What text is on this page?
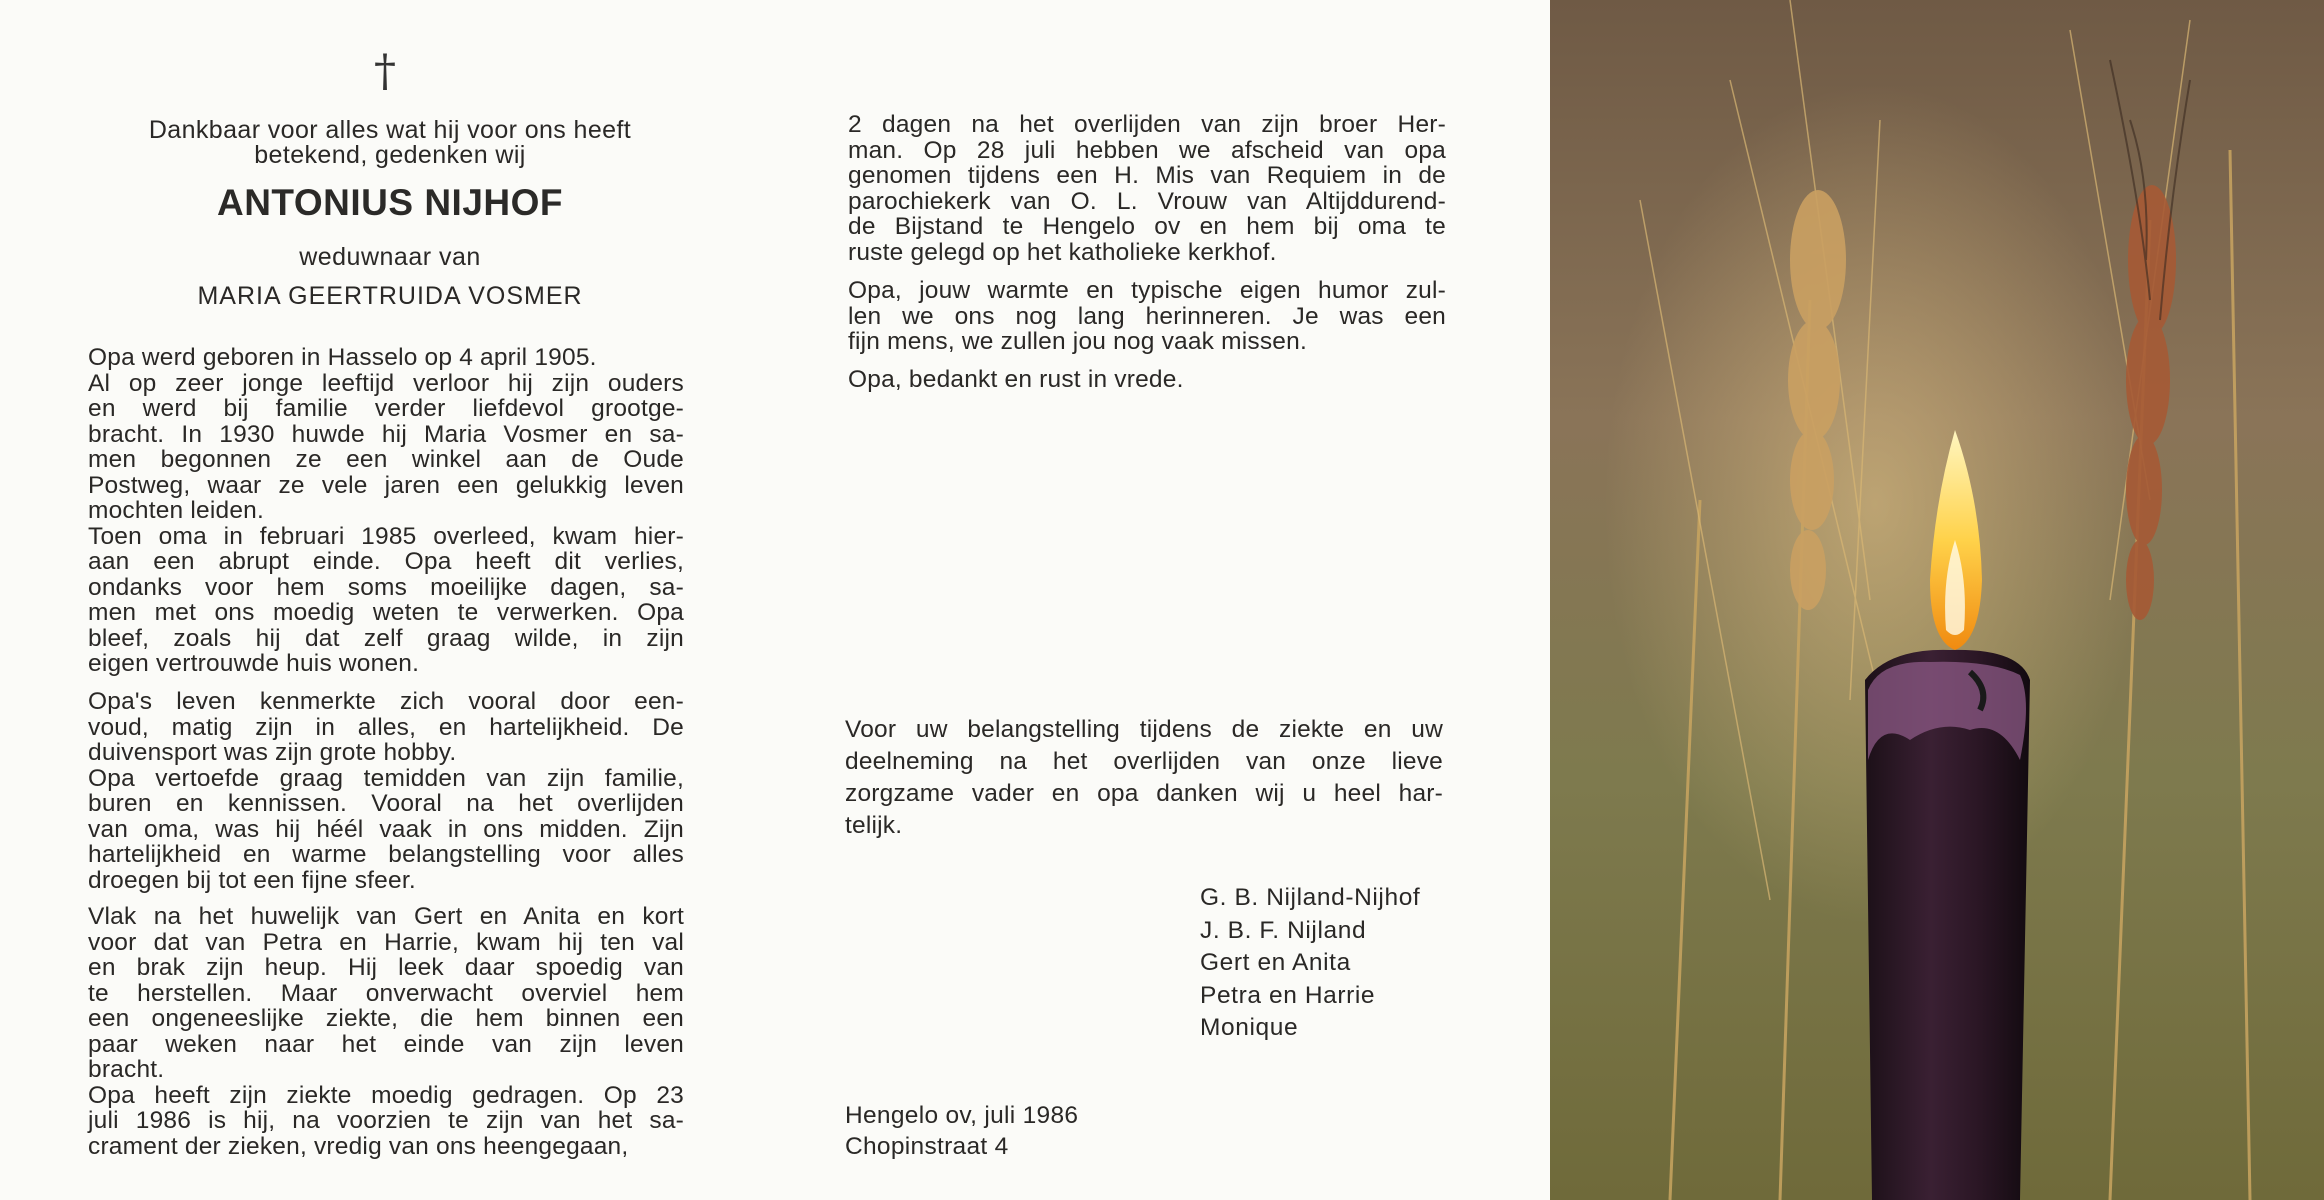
†
Dankbaar voor alles wat hij voor ons heeft
betekend, gedenken wij
ANTONIUS NIJHOF
weduwnaar van
MARIA GEERTRUIDA VOSMER
Opa werd geboren in Hasselo op 4 april 1905.
Al op zeer jonge leeftijd verloor hij zijn ouders
en werd bij familie verder liefdevol grootge-
bracht. In 1930 huwde hij Maria Vosmer en sa-
men begonnen ze een winkel aan de Oude
Postweg, waar ze vele jaren een gelukkig leven
mochten leiden.
Toen oma in februari 1985 overleed, kwam hier-
aan een abrupt einde. Opa heeft dit verlies,
ondanks voor hem soms moeilijke dagen, sa-
men met ons moedig weten te verwerken. Opa
bleef, zoals hij dat zelf graag wilde, in zijn
eigen vertrouwde huis wonen.
Opa's leven kenmerkte zich vooral door een-
voud, matig zijn in alles, en hartelijkheid. De
duivensport was zijn grote hobby.
Opa vertoefde graag temidden van zijn familie,
buren en kennissen. Vooral na het overlijden
van oma, was hij héél vaak in ons midden. Zijn
hartelijkheid en warme belangstelling voor alles
droegen bij tot een fijne sfeer.
Vlak na het huwelijk van Gert en Anita en kort
voor dat van Petra en Harrie, kwam hij ten val
en brak zijn heup. Hij leek daar spoedig van
te herstellen. Maar onverwacht overviel hem
een ongeneeslijke ziekte, die hem binnen een
paar weken naar het einde van zijn leven
bracht.
Opa heeft zijn ziekte moedig gedragen. Op 23
juli 1986 is hij, na voorzien te zijn van het sa-
crament der zieken, vredig van ons heengegaan,
2 dagen na het overlijden van zijn broer Her-
man. Op 28 juli hebben we afscheid van opa
genomen tijdens een H. Mis van Requiem in de
parochiekerk van O. L. Vrouw van Altijddurend-
de Bijstand te Hengelo ov en hem bij oma te
ruste gelegd op het katholieke kerkhof.
Opa, jouw warmte en typische eigen humor zul-
len we ons nog lang herinneren. Je was een
fijn mens, we zullen jou nog vaak missen.
Opa, bedankt en rust in vrede.
Voor uw belangstelling tijdens de ziekte en uw
deelneming na het overlijden van onze lieve
zorgzame vader en opa danken wij u heel har-
telijk.
G. B. Nijland-Nijhof
J. B. F. Nijland
Gert en Anita
Petra en Harrie
Monique
Hengelo ov, juli 1986
Chopinstraat 4
